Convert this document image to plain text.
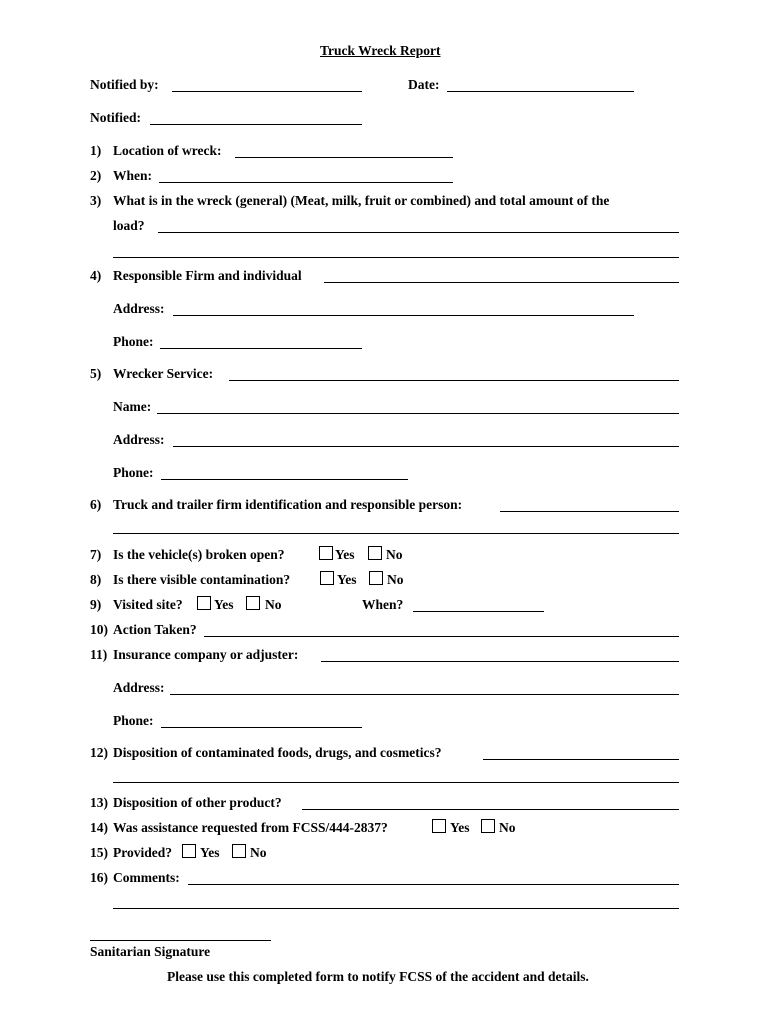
Truck Wreck Report
Notified by:	Date:
Notified:
1) Location of wreck:
2) When:
3) What is in the wreck (general) (Meat, milk, fruit or combined) and total amount of the
load?
4) Responsible Firm and individual
Address:
Phone:
5) Wrecker Service:
Name:
Address:
Phone:
6) Truck and trailer firm identification and responsible person:
7) Is the vehicle(s) broken open?	Yes No
8) Is there visible contamination?	Yes No
9) Visited site? Yes No	When?
10) Action Taken?
11) Insurance company or adjuster:
Address:
Phone:
12) Disposition of contaminated foods, drugs, and cosmetics?
13) Disposition of other product?
14) Was assistance requested from FCSS/444-2837?	Yes No
15) Provided? Yes No
16) Comments:
Sanitarian Signature
Please use this completed form to notify FCSS of the accident and details.
